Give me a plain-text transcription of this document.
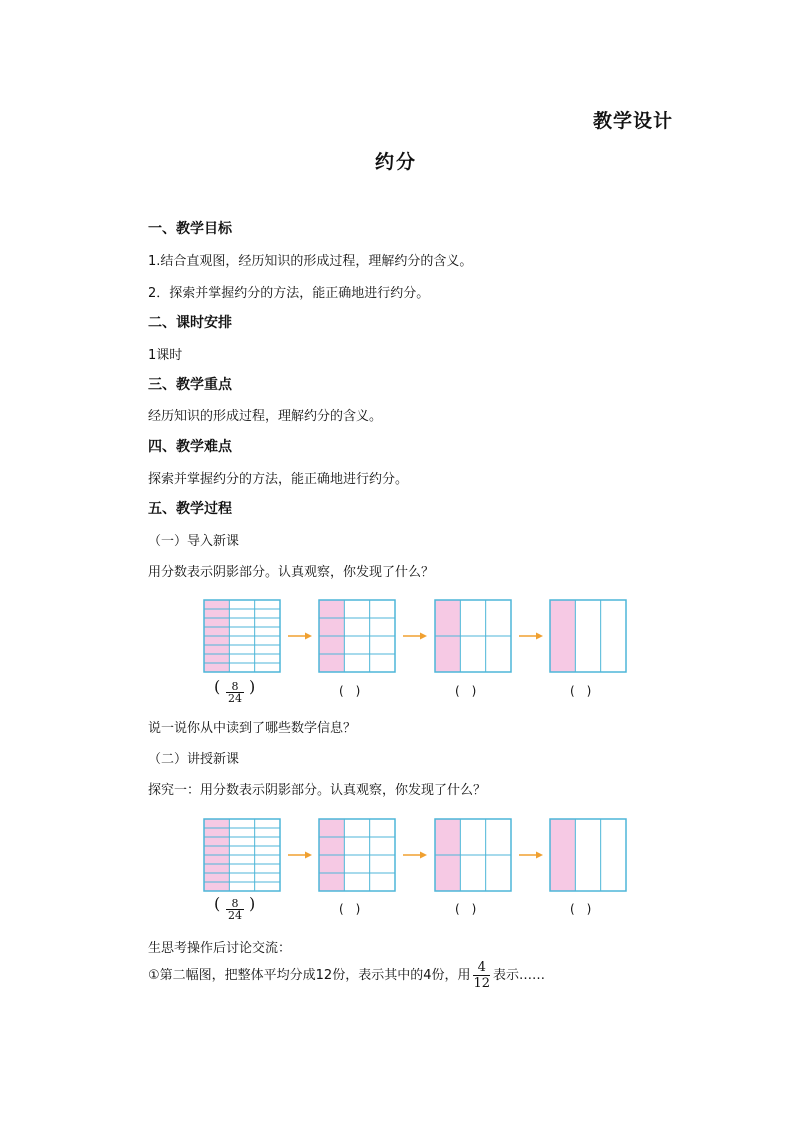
教学设计
约分
一、教学目标
1.结合直观图，经历知识的形成过程，理解约分的含义。
2．探索并掌握约分的方法，能正确地进行约分。
二、课时安排
1课时
三、教学重点
经历知识的形成过程，理解约分的含义。
四、教学难点
探索并掌握约分的方法，能正确地进行约分。
五、教学过程
（一）导入新课
用分数表示阴影部分。认真观察，你发现了什么？
(	8
24
)	(　)	(　)	(　)
说一说你从中读到了哪些数学信息？
（二）讲授新课
探究一：用分数表示阴影部分。认真观察，你发现了什么？
(	8
24
)	(　)	(　)	(　)
生思考操作后讨论交流：
①第二幅图，把整体平均分成12份，表示其中的4份，用 $\frac{4}{12}$ 表示……
